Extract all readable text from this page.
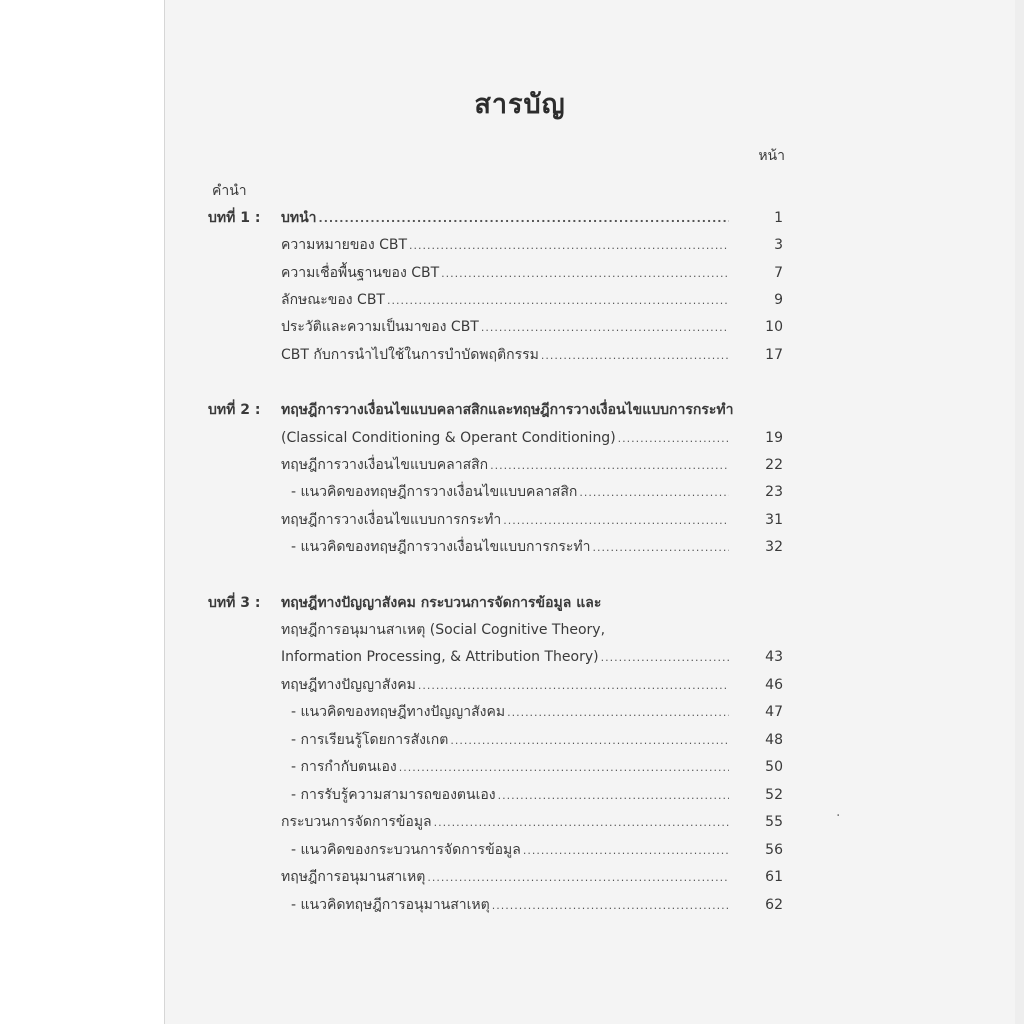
สารบัญ
หน้า
คำนำ
บทที่ 1 : บทนำ .....	1
ความหมายของ CBT .....	3
ความเชื่อพื้นฐานของ CBT .....	7
ลักษณะของ CBT .....	9
ประวัติและความเป็นมาของ CBT .....	10
CBT กับการนำไปใช้ในการบำบัดพฤติกรรม .....	17
บทที่ 2 : ทฤษฎีการวางเงื่อนไขแบบคลาสสิกและทฤษฎีการวางเงื่อนไขแบบการกระทำ
(Classical Conditioning & Operant Conditioning) .....	19
ทฤษฎีการวางเงื่อนไขแบบคลาสสิก .....	22
- แนวคิดของทฤษฎีการวางเงื่อนไขแบบคลาสสิก .....	23
ทฤษฎีการวางเงื่อนไขแบบการกระทำ .....	31
- แนวคิดของทฤษฎีการวางเงื่อนไขแบบการกระทำ .....	32
บทที่ 3 : ทฤษฎีทางปัญญาสังคม กระบวนการจัดการข้อมูล และ
ทฤษฎีการอนุมานสาเหตุ (Social Cognitive Theory,
Information Processing, & Attribution Theory) .....	43
ทฤษฎีทางปัญญาสังคม .....	46
- แนวคิดของทฤษฎีทางปัญญาสังคม .....	47
- การเรียนรู้โดยการสังเกต .....	48
- การกำกับตนเอง .....	50
- การรับรู้ความสามารถของตนเอง .....	52
กระบวนการจัดการข้อมูล .....	55
- แนวคิดของกระบวนการจัดการข้อมูล .....	56
ทฤษฎีการอนุมานสาเหตุ .....	61
- แนวคิดทฤษฎีการอนุมานสาเหตุ .....	62
·
